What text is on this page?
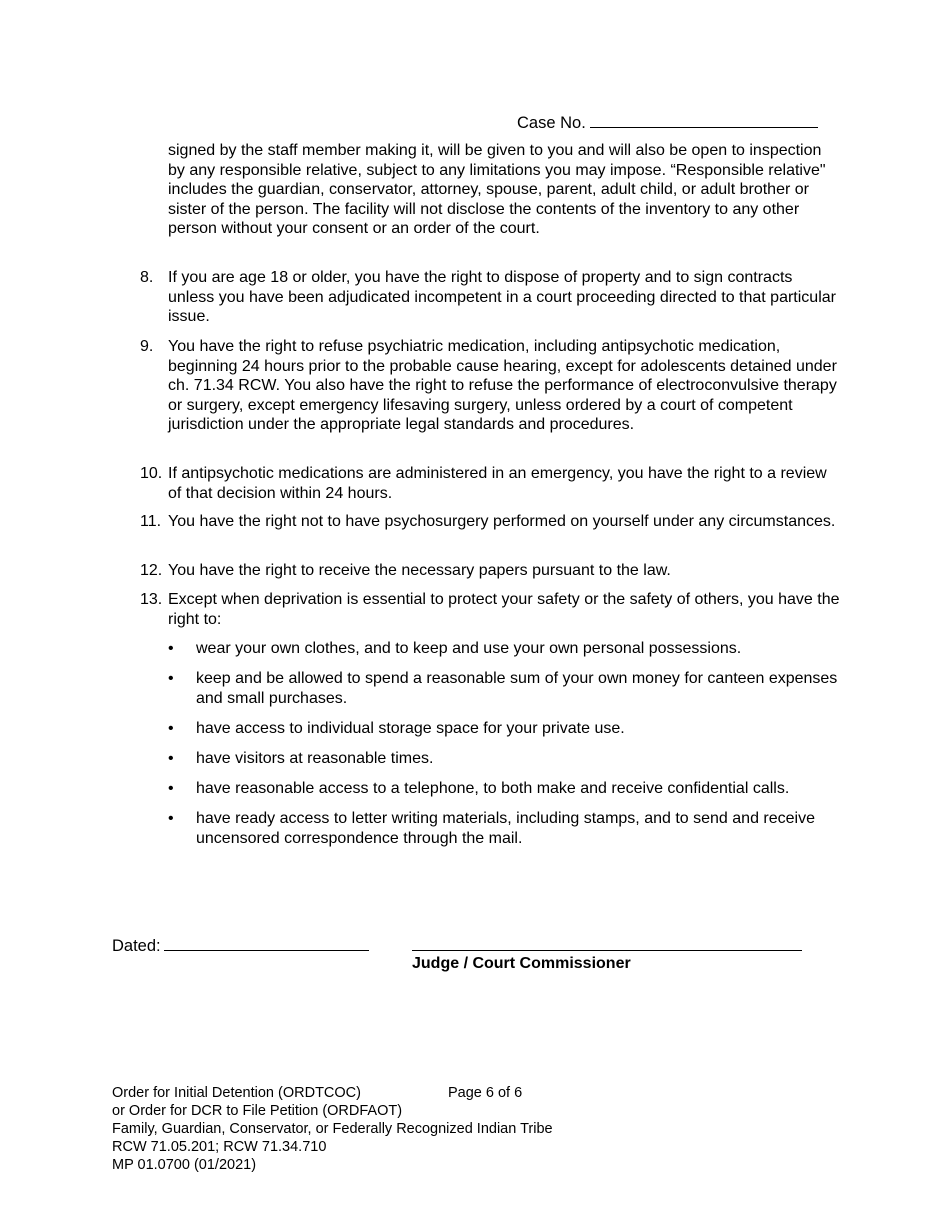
Case No.
signed by the staff member making it, will be given to you and will also be open to inspection by any responsible relative, subject to any limitations you may impose. “Responsible relative" includes the guardian, conservator, attorney, spouse, parent, adult child, or adult brother or sister of the person. The facility will not disclose the contents of the inventory to any other person without your consent or an order of the court.
8. If you are age 18 or older, you have the right to dispose of property and to sign contracts unless you have been adjudicated incompetent in a court proceeding directed to that particular issue.
9. You have the right to refuse psychiatric medication, including antipsychotic medication, beginning 24 hours prior to the probable cause hearing, except for adolescents detained under ch. 71.34 RCW. You also have the right to refuse the performance of electroconvulsive therapy or surgery, except emergency lifesaving surgery, unless ordered by a court of competent jurisdiction under the appropriate legal standards and procedures.
10. If antipsychotic medications are administered in an emergency, you have the right to a review of that decision within 24 hours.
11. You have the right not to have psychosurgery performed on yourself under any circumstances.
12. You have the right to receive the necessary papers pursuant to the law.
13. Except when deprivation is essential to protect your safety or the safety of others, you have the right to:
• wear your own clothes, and to keep and use your own personal possessions.
• keep and be allowed to spend a reasonable sum of your own money for canteen expenses and small purchases.
• have access to individual storage space for your private use.
• have visitors at reasonable times.
• have reasonable access to a telephone, to both make and receive confidential calls.
• have ready access to letter writing materials, including stamps, and to send and receive uncensored correspondence through the mail.
Dated:
Judge / Court Commissioner
Order for Initial Detention (ORDTCOC)
or Order for DCR to File Petition (ORDFAOT)
Family, Guardian, Conservator, or Federally Recognized Indian Tribe
RCW 71.05.201; RCW 71.34.710
MP 01.0700 (01/2021)
Page 6 of 6
